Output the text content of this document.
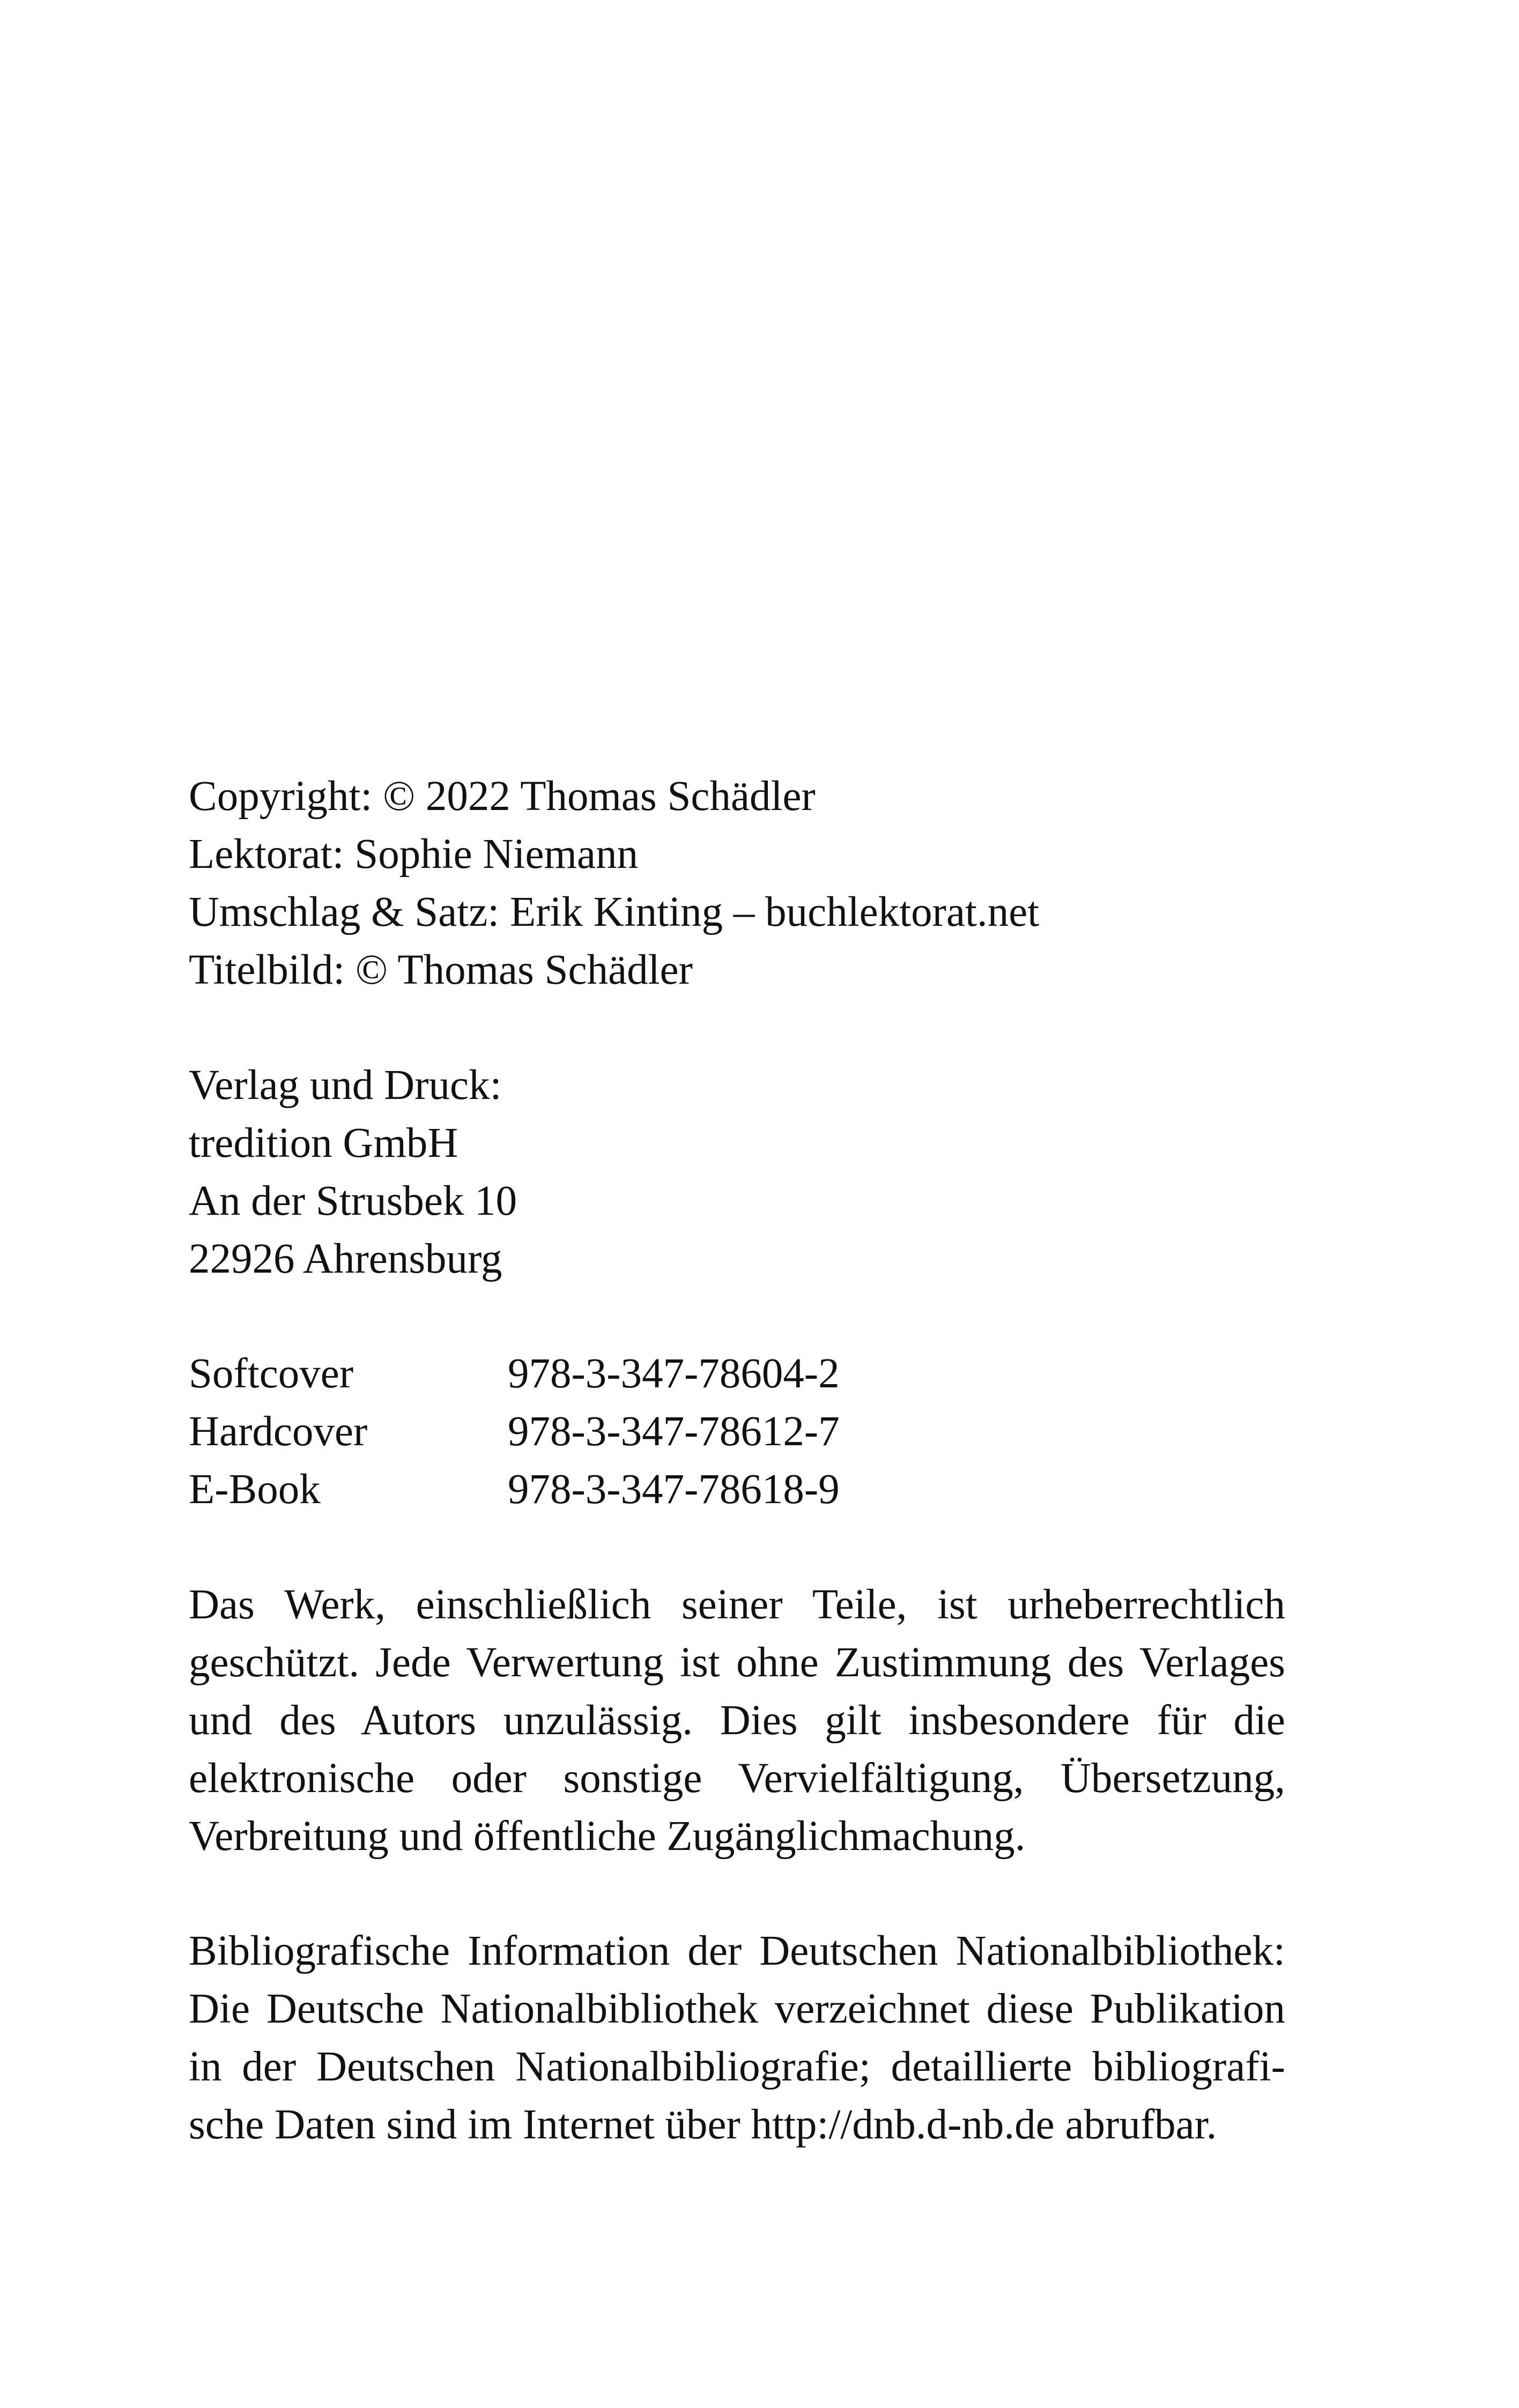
Copyright: © 2022 Thomas Schädler
Lektorat: Sophie Niemann
Umschlag & Satz: Erik Kinting – buchlektorat.net
Titelbild: © Thomas Schädler
Verlag und Druck:
tredition GmbH
An der Strusbek 10
22926 Ahrensburg
Softcover	978-3-347-78604-2
Hardcover	978-3-347-78612-7
E-Book	978-3-347-78618-9
Das Werk, einschließlich seiner Teile, ist urheberrechtlich
geschützt. Jede Verwertung ist ohne Zustimmung des Verlages
und des Autors unzulässig. Dies gilt insbesondere für die
elektronische oder sonstige Vervielfältigung, Übersetzung,
Verbreitung und öffentliche Zugänglichmachung.
Bibliografische Information der Deutschen Nationalbibliothek:
Die Deutsche Nationalbibliothek verzeichnet diese Publikation
in der Deutschen Nationalbibliografie; detaillierte bibliografi-
sche Daten sind im Internet über http://dnb.d-nb.de abrufbar.
